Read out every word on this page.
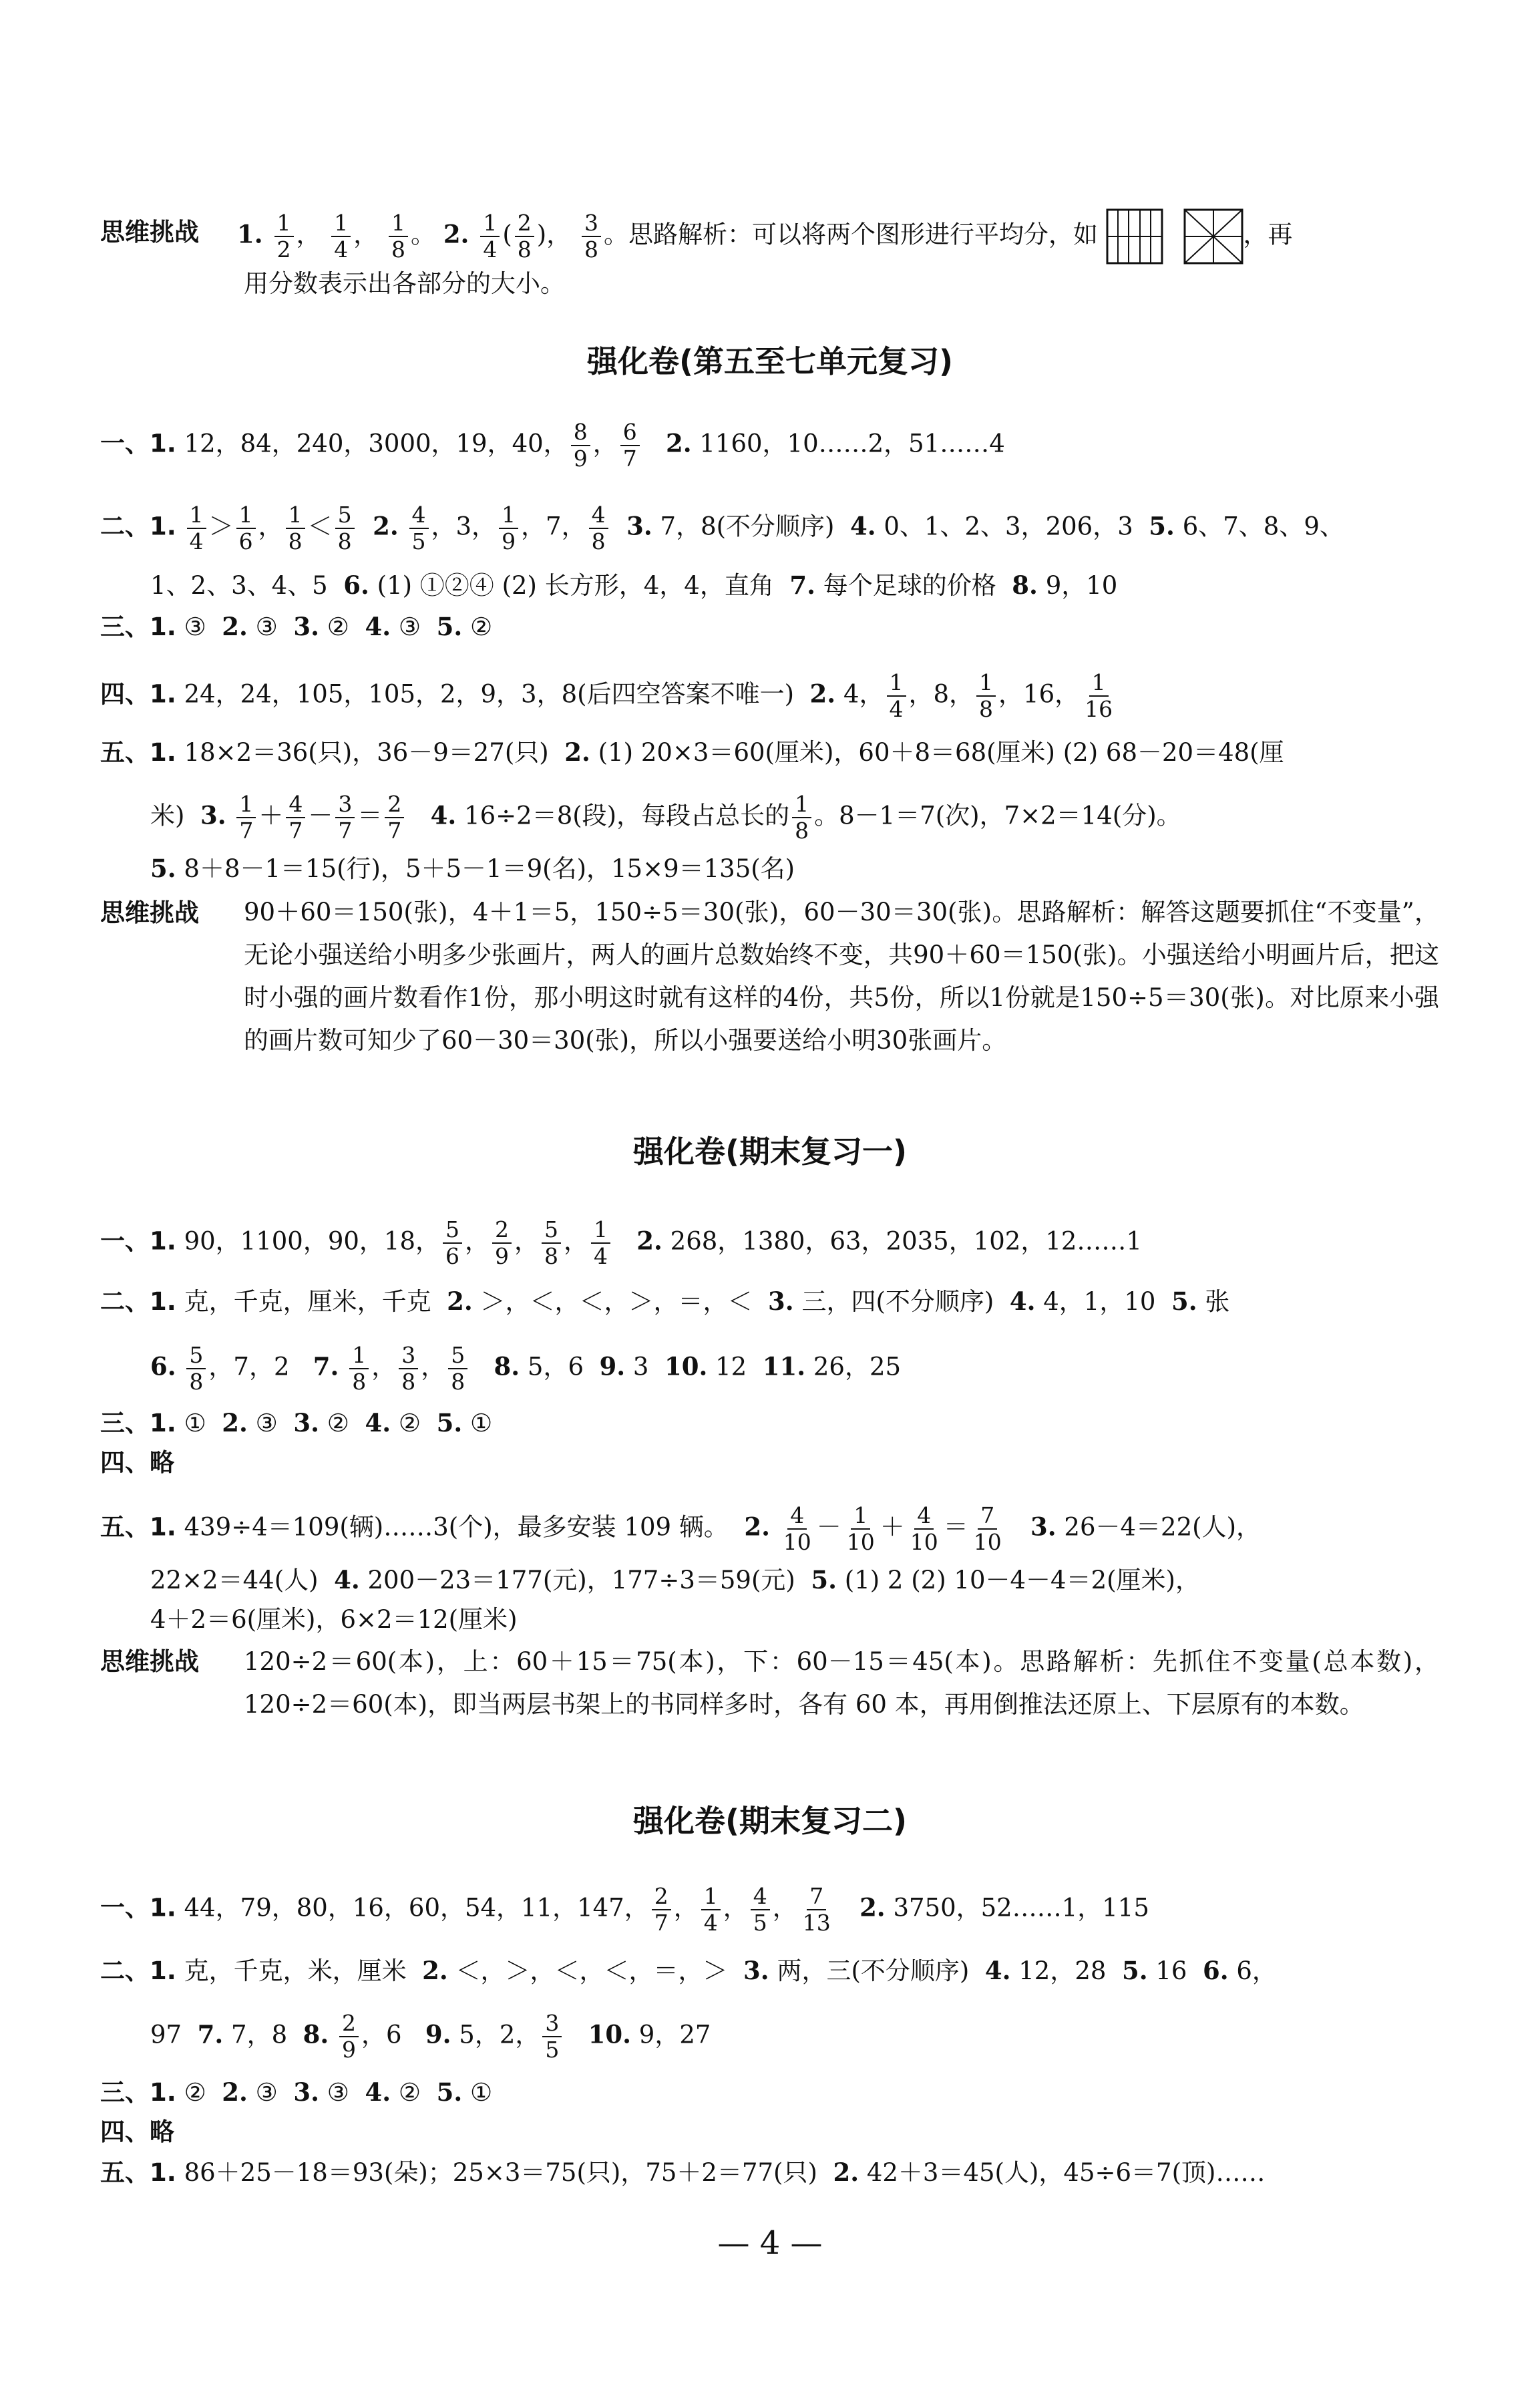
思维挑战 1. $\frac{1}{2}$ ， $\frac{1}{4}$ ， $\frac{1}{8}$ 。 2. $\frac{1}{4}$ ( $\frac{2}{8}$ )， $\frac{3}{8}$ 。思路解析：可以将两个图形进行平均分，如	，再
用分数表示出各部分的大小。
强化卷(第五至七单元复习)
一、1. 12，84，240，3000，19，40， $\frac{8}{9}$ ， $\frac{6}{7} 2$. 1160，10……2，51……4
二、1. $\frac{1}{4} > \frac{1}{6}$ ， $\frac{1}{8} < \frac{5}{8} 2$. $\frac{4}{5}$ ，3， $\frac{1}{9}$ ，7， $\frac{4}{8} 3$. 7，8(不分顺序) 4. 0、1、2、3，206，3 5. 6、7、8、9、
1、2、3、4、5 6. (1) ①②④ (2) 长方形，4，4，直角 7. 每个足球的价格 8. 9，10
三、1. ③  2. ③  3. ②  4. ③  5. ②
四、1. 24，24，105，105，2，9，3，8(后四空答案不唯一) 2. 4， $\frac{1}{4}$ ，8， $\frac{1}{8}$ ，16， $\frac{1}{16}$
五、1. 18×2＝36(只)，36－9＝27(只) 2. (1) 20×3＝60(厘米)，60＋8＝68(厘米) (2) 68－20＝48(厘
米) 3. $\frac{1}{7} + \frac{4}{7} - \frac{3}{7} = \frac{2}{7} 4$. 16÷2＝8(段)，每段占总长的 $\frac{1}{8}$ 。8－1＝7(次)，7×2＝14(分)。
5. 8＋8－1＝15(行)，5＋5－1＝9(名)，15×9＝135(名)
思维挑战 90＋60＝150(张)，4＋1＝5，150÷5＝30(张)，60－30＝30(张)。思路解析：解答这题要抓住“不变量”，无论小强送给小明多少张画片，两人的画片总数始终不变，共90＋60＝150(张)。小强送给小明画片后，把这时小强的画片数看作1份，那小明这时就有这样的4份，共5份，所以1份就是150÷5＝30(张)。对比原来小强的画片数可知少了60－30＝30(张)，所以小强要送给小明30张画片。
强化卷(期末复习一)
一、1. 90，1100，90，18， $\frac{5}{6}$ ， $\frac{2}{9}$ ， $\frac{5}{8}$ ， $\frac{1}{4} 2$. 268，1380，63，2035，102，12……1
二、1. 克，千克，厘米，千克 2. ＞，＜，＜，＞，＝，＜ 3. 三，四(不分顺序) 4. 4，1，10 5. 张
6. $\frac{5}{8}$ ，7，2 7. $\frac{1}{8}$ ， $\frac{3}{8}$ ， $\frac{5}{8} 8$. 5，6 9. 3 10. 12 11. 26，25
三、1. ①  2. ③  3. ②  4. ②  5. ①
四、略
五、1. 439÷4＝109(辆)……3(个)，最多安装 109 辆。 2. $\frac{4}{10} - \frac{1}{10} + \frac{4}{10} = \frac{7}{10} 3$. 26－4＝22(人)，
22×2＝44(人) 4. 200－23＝177(元)，177÷3＝59(元) 5. (1) 2 (2) 10－4－4＝2(厘米)，
4＋2＝6(厘米)，6×2＝12(厘米)
思维挑战 120÷2＝60(本)，上：60＋15＝75(本)，下：60－15＝45(本)。思路解析：先抓住不变量(总本数)，120÷2＝60(本)，即当两层书架上的书同样多时，各有 60 本，再用倒推法还原上、下层原有的本数。
强化卷(期末复习二)
一、1. 44，79，80，16，60，54，11，147， $\frac{2}{7}$ ， $\frac{1}{4}$ ， $\frac{4}{5}$ ， $\frac{7}{13} 2$. 3750，52……1，115
二、1. 克，千克，米，厘米 2. ＜，＞，＜，＜，＝，＞ 3. 两，三(不分顺序) 4. 12，28 5. 16 6. 6，
97 7. 7，8 8. $\frac{2}{9}$ ，6 9. 5，2， $\frac{3}{5} 10$. 9，27
三、1. ②  2. ③  3. ③  4. ②  5. ①
四、略
五、1. 86＋25－18＝93(朵)；25×3＝75(只)，75＋2＝77(只) 2. 42＋3＝45(人)，45÷6＝7(顶)……
— 4 —
